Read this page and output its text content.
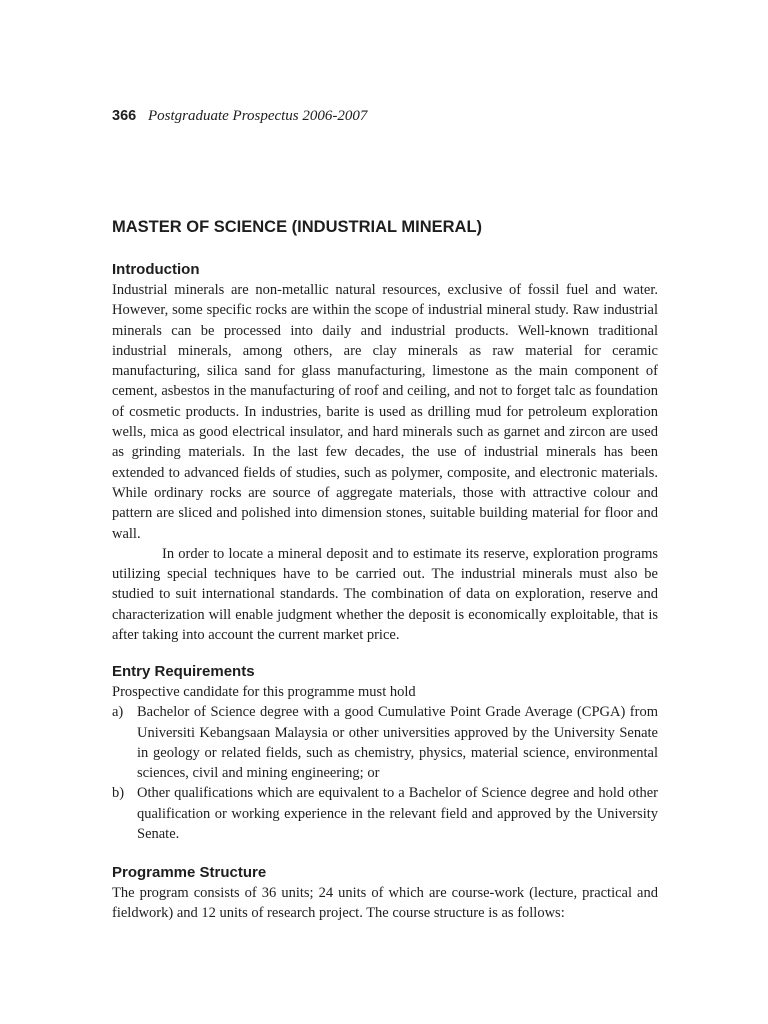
366 Postgraduate Prospectus 2006-2007
MASTER OF SCIENCE (INDUSTRIAL MINERAL)
Introduction

Industrial minerals are non-metallic natural resources, exclusive of fossil fuel and water. However, some specific rocks are within the scope of industrial mineral study. Raw industrial minerals can be processed into daily and industrial products. Well-known traditional industrial minerals, among others, are clay minerals as raw material for ceramic manufacturing, silica sand for glass manufacturing, limestone as the main component of cement, asbestos in the manufacturing of roof and ceiling, and not to forget talc as foundation of cosmetic products. In industries, barite is used as drilling mud for petroleum exploration wells, mica as good electrical insulator, and hard minerals such as garnet and zircon are used as grinding materials. In the last few decades, the use of industrial minerals has been extended to advanced fields of studies, such as polymer, composite, and electronic materials. While ordinary rocks are source of aggregate materials, those with attractive colour and pattern are sliced and polished into dimension stones, suitable building material for floor and wall.

In order to locate a mineral deposit and to estimate its reserve, exploration programs utilizing special techniques have to be carried out. The industrial minerals must also be studied to suit international standards. The combination of data on exploration, reserve and characterization will enable judgment whether the deposit is economically exploitable, that is after taking into account the current market price.

Entry Requirements

Prospective candidate for this programme must hold

a) Bachelor of Science degree with a good Cumulative Point Grade Average (CPGA) from Universiti Kebangsaan Malaysia or other universities approved by the University Senate in geology or related fields, such as chemistry, physics, material science, environmental sciences, civil and mining engineering; or
b) Other qualifications which are equivalent to a Bachelor of Science degree and hold other qualification or working experience in the relevant field and approved by the University Senate.
Programme Structure

The program consists of 36 units; 24 units of which are course-work (lecture, practical and fieldwork) and 12 units of research project. The course structure is as follows:
